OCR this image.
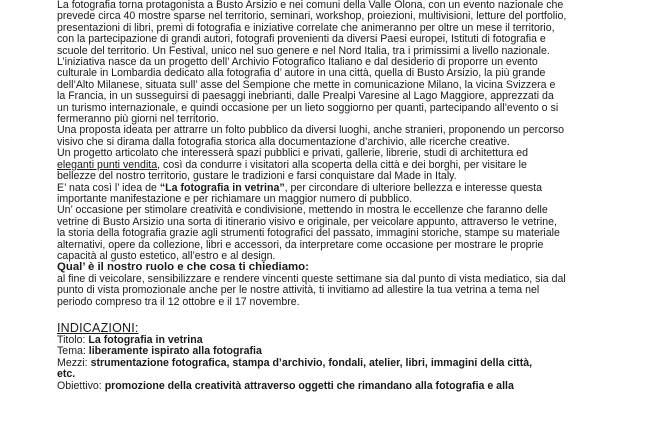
La fotografia torna protagonista a Busto Arsizio e nei comuni della Valle Olona, con un evento nazionale che

prevede circa 40 mostre sparse nel territorio, seminari, workshop, proiezioni, multivisioni, letture del portfolio,

presentazioni di libri, premi di fotografia e iniziative correlate che animeranno per oltre un mese il territorio,

con la partecipazione di grandi autori, fotografi provenienti da diversi Paesi europei, Istituti di fotografia e

scuole del territorio. Un Festival, unico nel suo genere e nel Nord Italia, tra i primissimi a livello nazionale.

L’iniziativa nasce da un progetto dell’ Archivio Fotografico Italiano e dal desiderio di proporre un evento

culturale in Lombardia dedicato alla fotografia d’ autore in una città, quella di Busto Arsizio, la più grande

dell’Alto Milanese, situata sull’ asse del Sempione che mette in comunicazione Milano, la vicina Svizzera e

la Francia, in un susseguirsi di paesaggi inebrianti, dalle Prealpi Varesine al Lago Maggiore, apprezzati da

un turismo internazionale, e quindi occasione per un lieto soggiorno per quanti, partecipando all’evento o si

fermeranno più giorni nel territorio.

Una proposta ideata per attrarre un folto pubblico da diversi luoghi, anche stranieri, proponendo un percorso

visivo che si dirama dalla fotografia storica alla documentazione d’archivio, alle ricerche creative.

Un progetto articolato che interesserà spazi pubblici e privati, gallerie, librerie, studi di architettura ed

eleganti punti vendita, così da condurre i visitatori alla scoperta della città e dei borghi, per visitare le

bellezze del nostro territorio, gustare le tradizioni e farsi conquistare dal Made in Italy.

E’ nata così l’ idea de “La fotografia in vetrina”, per circondare di ulteriore bellezza e interesse questa

importante manifestazione e per richiamare un maggior numero di pubblico.

Un’ occasione per stimolare creatività e condivisione, mettendo in mostra le eccellenze che faranno delle

vetrine di Busto Arsizio una sorta di itinerario visivo e originale, per veicolare appunto, attraverso le vetrine,

la storia della fotografia grazie agli strumenti fotografici del passato, immagini storiche, stampe su materiale

alternativi, opere da collezione, libri e accessori, da interpretare come occasione per mostrare le proprie

capacità al gusto estetico, all’estro e al design.

Qual’ è il nostro ruolo e che cosa ti chiediamo:

al fine di veicolare, sensibilizzare e rendere vincenti queste settimane sia dal punto di vista mediatico, sia dal

punto di vista promozionale anche per le nostre attività, ti invitiamo ad allestire la tua vetrina a tema nel

periodo compreso tra il 12 ottobre e il 17 novembre.

INDICAZIONI:

Titolo: La fotografia in vetrina

Tema: liberamente ispirato alla fotografia

Mezzi: strumentazione fotografica, stampa d’archivio, fondali, atelier, libri, immagini della città,

etc.

Obiettivo: promozione della creatività attraverso oggetti che rimandano alla fotografia e alla
